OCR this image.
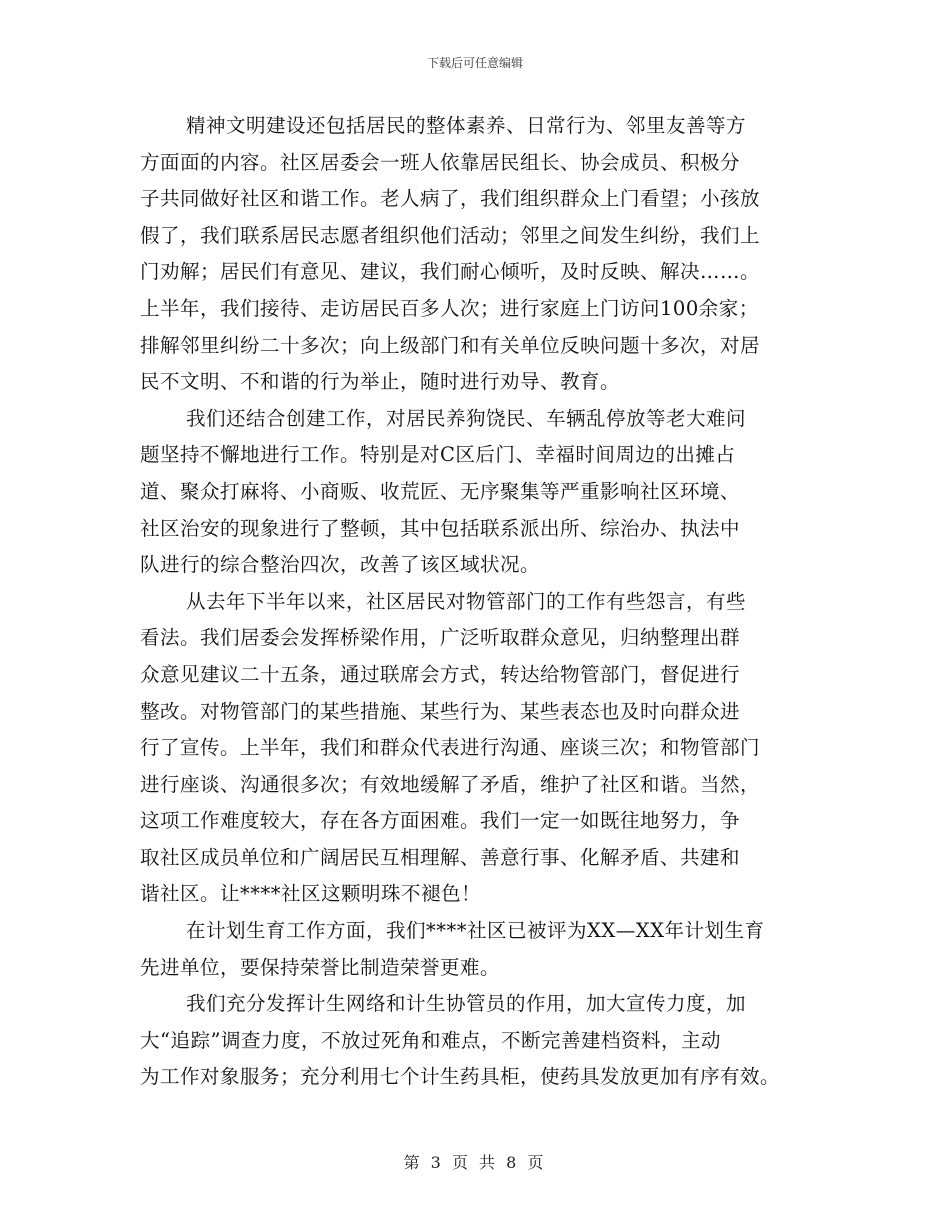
下载后可任意编辑
精神文明建设还包括居民的整体素养、日常行为、邻里友善等方
方面面的内容。社区居委会一班人依靠居民组长、协会成员、积极分
子共同做好社区和谐工作。老人病了，我们组织群众上门看望；小孩放
假了，我们联系居民志愿者组织他们活动；邻里之间发生纠纷，我们上
门劝解；居民们有意见、建议，我们耐心倾听，及时反映、解决……。
上半年，我们接待、走访居民百多人次；进行家庭上门访问100余家；
排解邻里纠纷二十多次；向上级部门和有关单位反映问题十多次，对居
民不文明、不和谐的行为举止，随时进行劝导、教育。
我们还结合创建工作，对居民养狗饶民、车辆乱停放等老大难问
题坚持不懈地进行工作。特别是对C区后门、幸福时间周边的出摊占
道、聚众打麻将、小商贩、收荒匠、无序聚集等严重影响社区环境、
社区治安的现象进行了整顿，其中包括联系派出所、综治办、执法中
队进行的综合整治四次，改善了该区域状况。
从去年下半年以来，社区居民对物管部门的工作有些怨言，有些
看法。我们居委会发挥桥梁作用，广泛听取群众意见，归纳整理出群
众意见建议二十五条，通过联席会方式，转达给物管部门，督促进行
整改。对物管部门的某些措施、某些行为、某些表态也及时向群众进
行了宣传。上半年，我们和群众代表进行沟通、座谈三次；和物管部门
进行座谈、沟通很多次；有效地缓解了矛盾，维护了社区和谐。当然，
这项工作难度较大，存在各方面困难。我们一定一如既往地努力，争
取社区成员单位和广阔居民互相理解、善意行事、化解矛盾、共建和
谐社区。让****社区这颗明珠不褪色！
在计划生育工作方面，我们****社区已被评为XX—XX年计划生育
先进单位，要保持荣誉比制造荣誉更难。
我们充分发挥计生网络和计生协管员的作用，加大宣传力度，加
大“追踪”调查力度，不放过死角和难点，不断完善建档资料，主动
为工作对象服务；充分利用七个计生药具柜，使药具发放更加有序有效。
第 3 页 共 8 页
